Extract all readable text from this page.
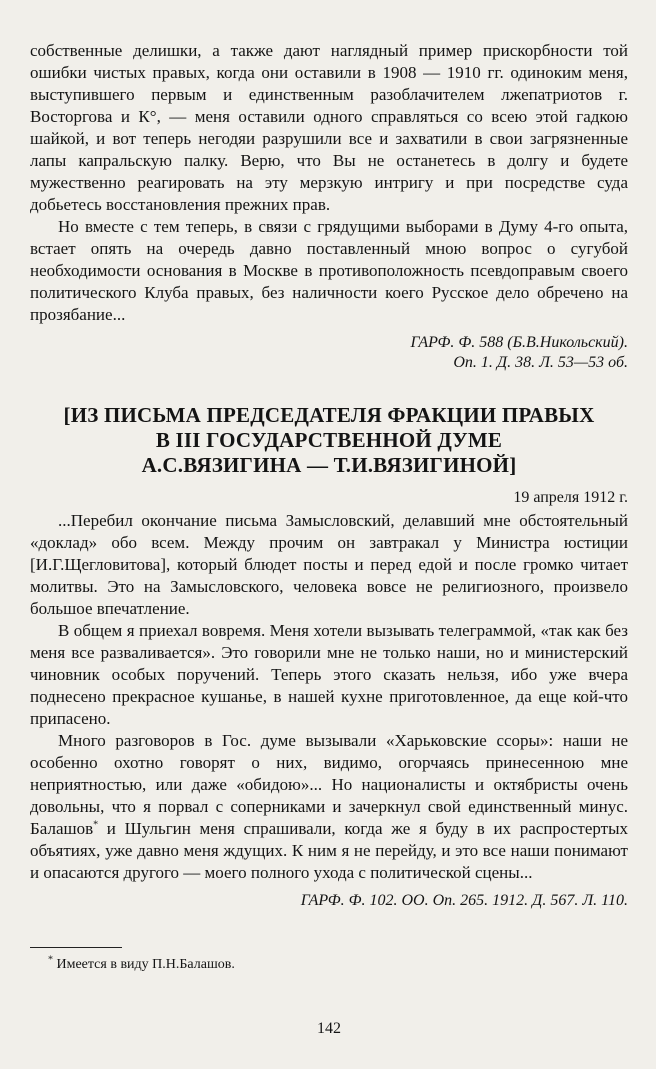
собственные делишки, а также дают наглядный пример прискорбности той ошибки чистых правых, когда они оставили в 1908 — 1910 гг. одиноким меня, выступившего первым и единственным разоблачителем лжепатриотов г. Восторгова и К°, — меня оставили одного справляться со всею этой гадкою шайкой, и вот теперь негодяи разрушили все и захватили в свои загрязненные лапы капральскую палку. Верю, что Вы не останетесь в долгу и будете мужественно реагировать на эту мерзкую интригу и при посредстве суда добьетесь восстановления прежних прав.

Но вместе с тем теперь, в связи с грядущими выборами в Думу 4-го опыта, встает опять на очередь давно поставленный мною вопрос о сугубой необходимости основания в Москве в противоположность псевдоправым своего политического Клуба правых, без наличности коего Русское дело обречено на прозябание...

ГАРФ. Ф. 588 (Б.В.Никольский).
Оп. 1. Д. 38. Л. 53—53 об.
[ИЗ ПИСЬМА ПРЕДСЕДАТЕЛЯ ФРАКЦИИ ПРАВЫХ
В III ГОСУДАРСТВЕННОЙ ДУМЕ
А.С.ВЯЗИГИНА — Т.И.ВЯЗИГИНОЙ]
19 апреля 1912 г.

...Перебил окончание письма Замысловский, делавший мне обстоятельный «доклад» обо всем. Между прочим он завтракал у Министра юстиции [И.Г.Щегловитова], который блюдет посты и перед едой и после громко читает молитвы. Это на Замысловского, человека вовсе не религиозного, произвело большое впечатление.

В общем я приехал вовремя. Меня хотели вызывать телеграммой, «так как без меня все разваливается». Это говорили мне не только наши, но и министерский чиновник особых поручений. Теперь этого сказать нельзя, ибо уже вчера поднесено прекрасное кушанье, в нашей кухне приготовленное, да еще кой-что припасено.

Много разговоров в Гос. думе вызывали «Харьковские ссоры»: наши не особенно охотно говорят о них, видимо, огорчаясь принесенною мне неприятностью, или даже «обидою»... Но националисты и октябристы очень довольны, что я порвал с соперниками и зачеркнул свой единственный минус. Балашов* и Шульгин меня спрашивали, когда же я буду в их распростертых объятиях, уже давно меня ждущих. К ним я не перейду, и это все наши понимают и опасаются другого — моего полного ухода с политической сцены...

ГАРФ. Ф. 102. ОО. Оп. 265. 1912. Д. 567. Л. 110.

* Имеется в виду П.Н.Балашов.

142
